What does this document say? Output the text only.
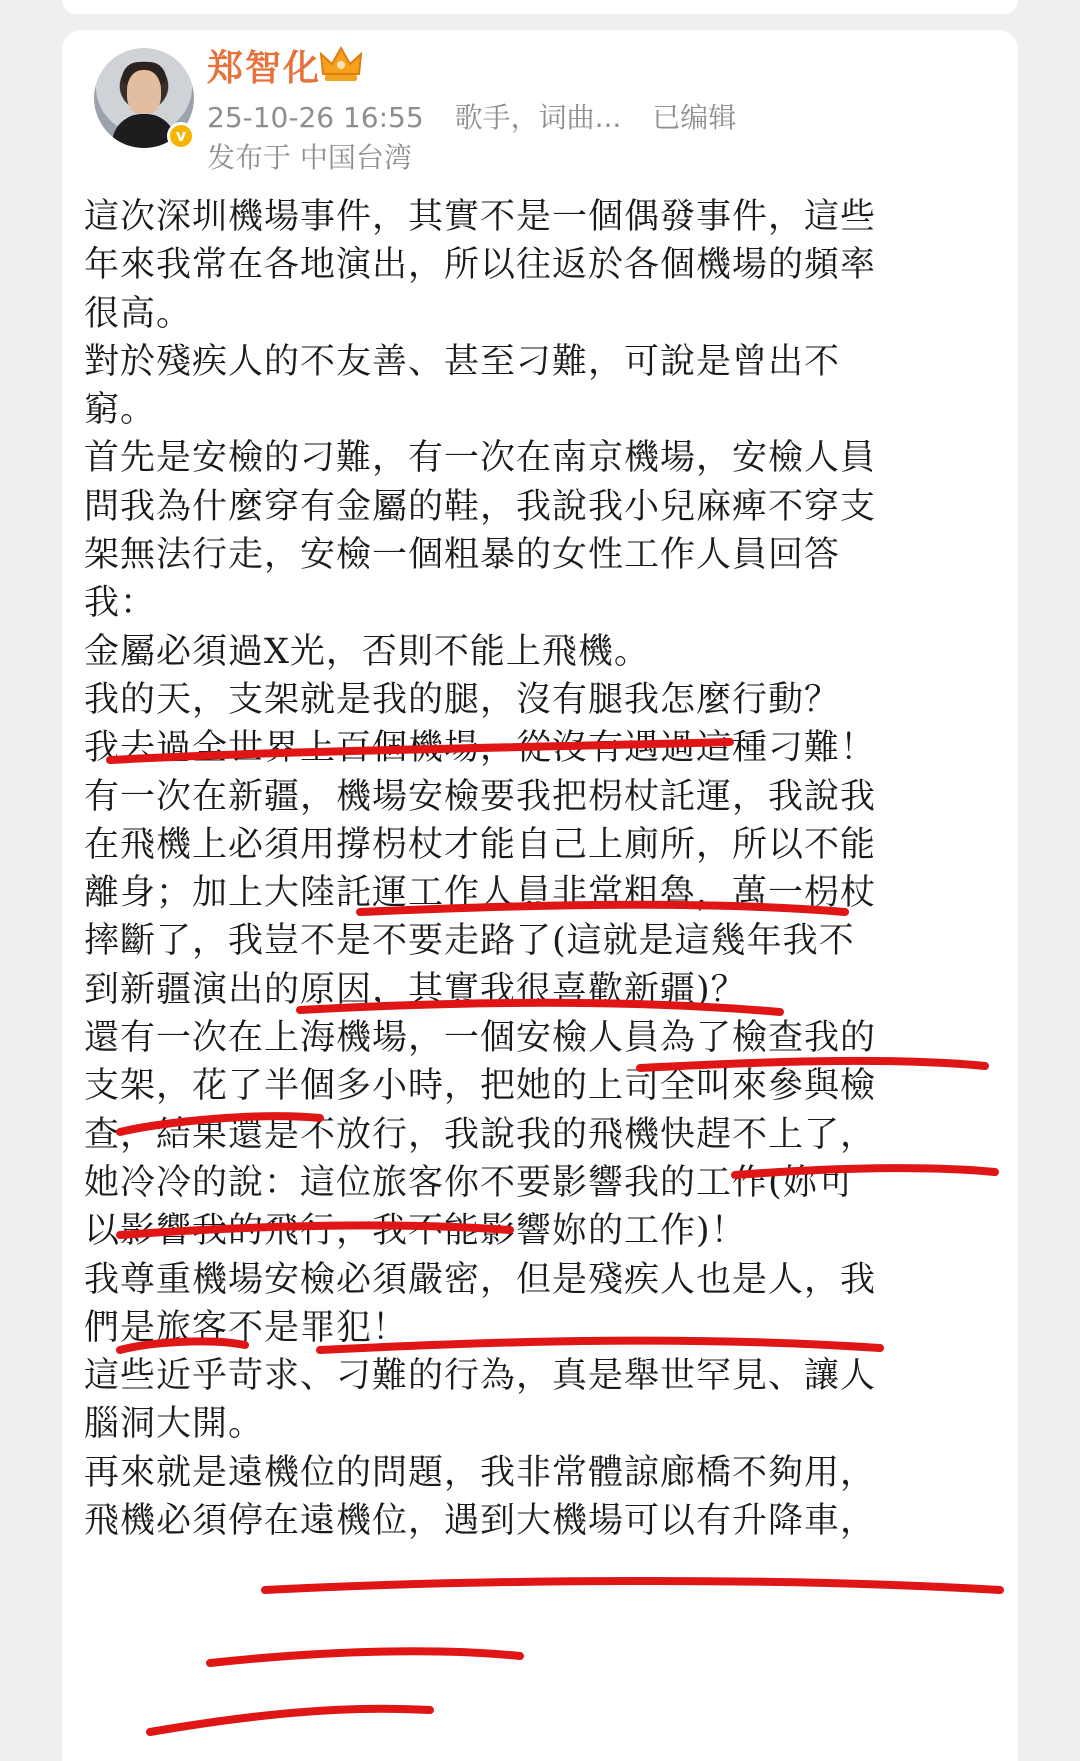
v
郑智化
25-10-26 16:55 歌手，词曲... 已编辑
发布于 中国台湾

這次深圳機場事件，其實不是一個偶發事件，這些年來我常在各地演出，所以往返於各個機場的頻率很高。

對於殘疾人的不友善、甚至刁難，可說是曾出不窮。

首先是安檢的刁難，有一次在南京機場，安檢人員問我為什麼穿有金屬的鞋，我說我小兒麻痺不穿支架無法行走，安檢一個粗暴的女性工作人員回答我：

金屬必須過X光，否則不能上飛機。

我的天，支架就是我的腿，沒有腿我怎麼行動？

我去過全世界上百個機場，從沒有遇過這種刁難！

有一次在新疆，機場安檢要我把枴杖託運，我說我在飛機上必須用撐枴杖才能自己上廁所，所以不能離身；加上大陸託運工作人員非常粗魯，萬一枴杖摔斷了，我豈不是不要走路了(這就是這幾年我不到新疆演出的原因，其實我很喜歡新疆)？

還有一次在上海機場，一個安檢人員為了檢查我的支架，花了半個多小時，把她的上司全叫來參與檢查，結果還是不放行，我說我的飛機快趕不上了，她冷冷的說：這位旅客你不要影響我的工作(妳可以影響我的飛行，我不能影響妳的工作)！

我尊重機場安檢必須嚴密，但是殘疾人也是人，我們是旅客不是罪犯！

這些近乎苛求、刁難的行為，真是舉世罕見、讓人腦洞大開。

再來就是遠機位的問題，我非常體諒廊橋不夠用，飛機必須停在遠機位，遇到大機場可以有升降車，
